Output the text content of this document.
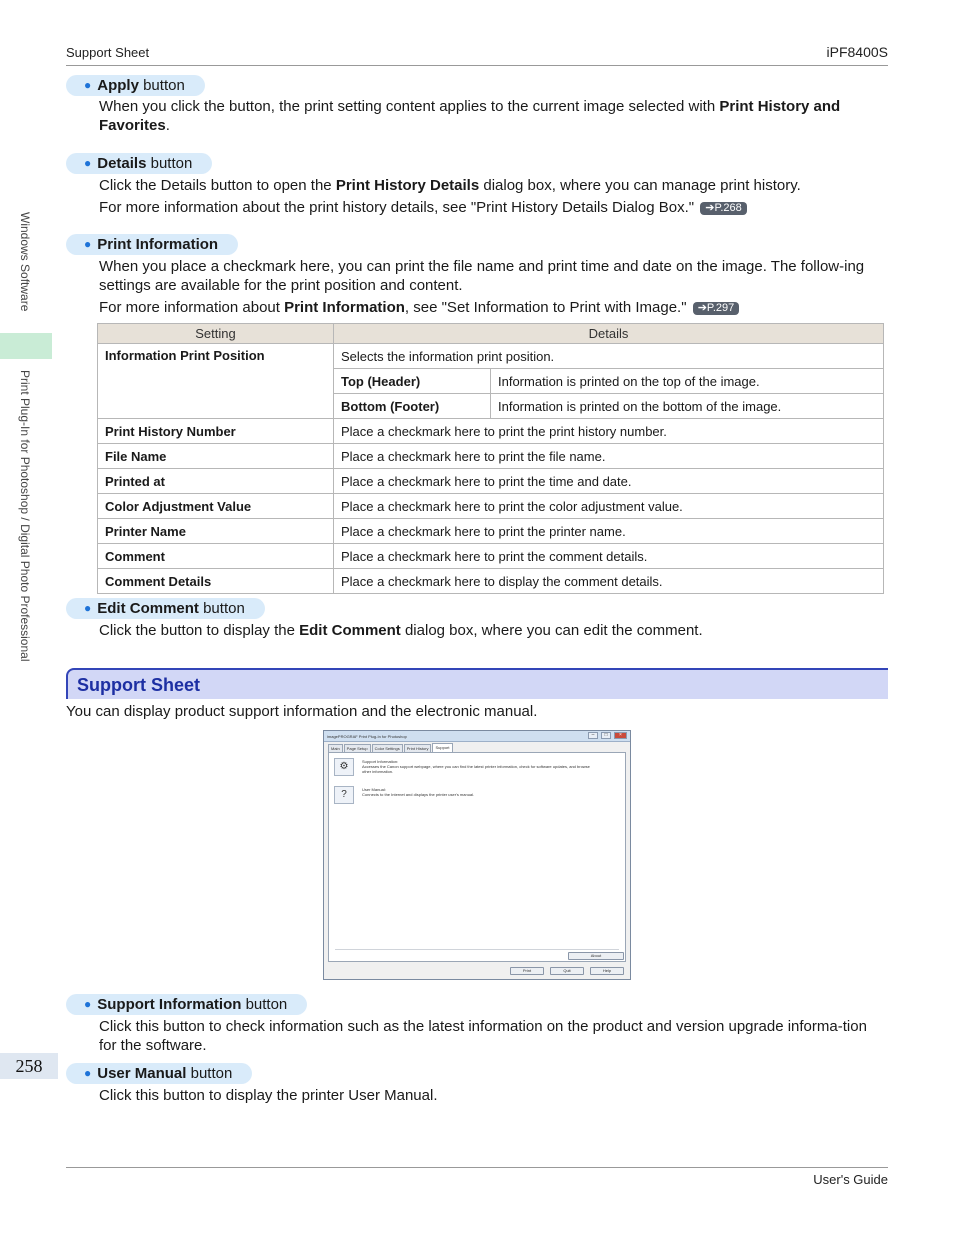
Support Sheet	iPF8400S
Windows Software
Print Plug-In for Photoshop / Digital Photo Professional
258
● Apply button
When you click the button, the print setting content applies to the current image selected with Print History and Favorites.
● Details button
Click the Details button to open the Print History Details dialog box, where you can manage print history.
For more information about the print history details, see "Print History Details Dialog Box." ➔P.268
● Print Information
When you place a checkmark here, you can print the file name and print time and date on the image. The follow-ing settings are available for the print position and content.
For more information about Print Information, see "Set Information to Print with Image." ➔P.297
Setting	Details	
Information Print Position	Selects the information print position.	
	Top (Header)	Information is printed on the top of the image.
	Bottom (Footer)	Information is printed on the bottom of the image.
Print History Number	Place a checkmark here to print the print history number.	
File Name	Place a checkmark here to print the file name.	
Printed at	Place a checkmark here to print the time and date.	
Color Adjustment Value	Place a checkmark here to print the color adjustment value.	
Printer Name	Place a checkmark here to print the printer name.	
Comment	Place a checkmark here to print the comment details.	
Comment Details	Place a checkmark here to display the comment details.	
● Edit Comment button
Click the button to display the Edit Comment dialog box, where you can edit the comment.
Support Sheet
You can display product support information and the electronic manual.
imagePROGRAF Print Plug-In for Photoshop	–	□	×
Main	Page Setup	Color Settings	Print History	Support
⚙	Support Information:
Accesses the Canon support webpage, where you can find the latest printer information, check for software updates, and browse other information.
?	User Manual:
Connects to the Internet and displays the printer user's manual.
About
Print	Quit	Help
● Support Information button
Click this button to check information such as the latest information on the product and version upgrade informa-tion for the software.
● User Manual button
Click this button to display the printer User Manual.
User's Guide
